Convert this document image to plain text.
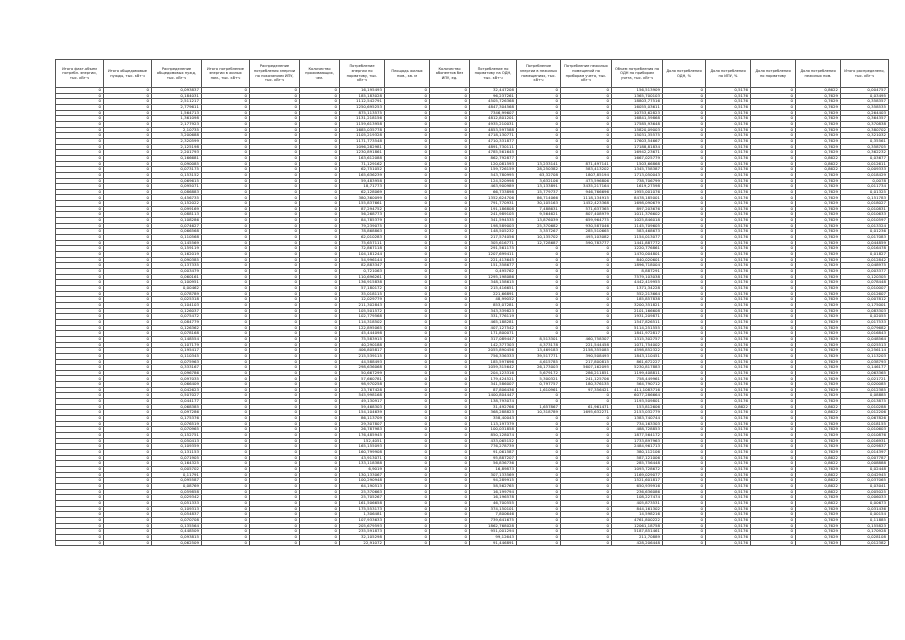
Итого факт.объем потребл. энергии, тыс. кВт·ч	Итого общедомовые нужды, тыс. кВт·ч	Распределение общедомовых нужд, тыс. кВт·ч	Итого потребление энергии в жилых пом., тыс. кВт·ч	Распределение потребления энергии по показаниям ИПУ, тыс. кВт·ч	Количество проживающих, чел.	Потребление энергии по нормативу, тыс. кВт·ч	Площадь жилых пом., кв. м	Количество абонентов без ИПУ, ед.	Потребление по нормативу на ОДН, тыс. кВт·ч	Потребление энергии в нежилых помещениях, тыс. кВт·ч	Потребление нежилых помещений по приборам учета, тыс. кВт·ч	Объем потребления на ОДН по приборам учета, тыс. кВт·ч	Доля потребления ОДН, %	Доля потребления по ИПУ, %	Доля потребления по нормативу	Доля потребления нежилых пом.	Итого распределено, тыс. кВт·ч
0	0	0,093837	0	0	0	16,195493	0	0	32,447208	0	0	156,513909	0	0,5176	0	0,8622	0,004757
0	0	0,184031	0	0	0	185,183028	0	0	96,237261	0	0	1365,700103	0	0,5176	0	0,7629	0,03495
0	0	2,511217	0	0	0	1112,542791	0	0	4505,726368	0	0	18803,77516	0	0,5176	0	0,7629	0,358357
0	0	2,779611	0	0	0	1250,695253	0	0	4847,304568	0	0	16055,03611	0	0,5176	0	0,7629	0,358535
0	0	1,564713	0	0	0	875,113575	0	0	7346,99607	0	0	10753,62823	0	0,5176	0	0,7629	0,264403
0	0	1,361098	0	0	0	1131,218156	0	0	4812,801201	0	0	16841,59868	0	0,5176	0	0,7629	0,364357
0	0	2,177923	0	0	0	1159,613958	0	0	4935,210031	0	0	17585,93648	0	0,5176	0	0,7629	0,370838
0	0	2,10735	0	0	0	1685,035778	0	0	4853,597588	0	0	15820,09003	0	0,5176	0	0,7629	0,380702
0	0	3,200688	0	0	0	1105,219328	0	0	4718,130771	0	0	15031,35575	0	0,5176	0	0,7629	0,321032
0	0	2,320599	0	0	0	1171,773548	0	0	4710,331877	0	0	17603,54667	0	0,5176	0	0,7629	0,35561
0	0	2,125198	0	0	0	1096,282981	0	0	4891,730111	0	0	17188,81834	0	0,5176	0	0,7629	0,358705
0	0	2,201793	0	0	0	1230,891861	0	0	4785,561645	0	0	16942,23671	0	0,5176	0	0,7629	0,362232
0	0	0,166681	0	0	0	163,612088	0	0	862,792877	0	0	1667,025779	0	0,5176	0	0,8622	0,03677
0	0	0,090085	0	0	0	71,129162	0	0	120,081593	13,233141	871,497141	1503,66868	0	0,5176	0	0,8622	0,012611
0	0	0,073175	0	0	0	62,751052	0	0	159,726159	28,250382	583,413202	1345,758387	0	0,5176	0	0,8622	0,009333
0	0	0,153152	0	0	0	165,636239	0	0	543,780995	63,32708	1807,85194	1713,050043	0	0,5176	0	0,7629	0,018429
0	0	0,069615	0	0	0	59,483958	0	0	124,520998	3,632106	473,596806	738,706799	0	0,5176	0	0,7629	0,0078
0	0	0,095071	0	0	0	18,71773	0	0	463,900989	13,133891	3435,217164	1619,27598	0	0,5176	0	0,7629	0,011734
0	0	0,086883	0	0	0	62,128069	0	0	66,733898	15,779737	946,766696	1955,001076	0	0,5176	0	0,7629	0,01325
0	0	0,456735	0	0	0	380,360099	0	0	1352,624706	86,714066	1118,134915	8478,185001	0	0,5176	0	0,7629	0,151783
0	0	0,152022	0	0	0	155,837661	0	0	791,770931	30,105163	1452,423368	1698,090679	0	0,5176	0	0,7629	0,018027
0	0	0,099169	0	0	0	87,294752	0	0	191,186808	7,488631	571,637365	897,203676	0	0,5176	0	0,7629	0,010831
0	0	0,088113	0	0	0	56,268773	0	0	241,989105	9,564621	807,408979	1011,376602	0	0,5176	0	0,7629	0,010633
0	0	0,108286	0	0	0	84,785379	0	0	341,594535	13,876039	659,964775	1025,846018	0	0,5176	0	0,7629	0,010597
0	0	0,074627	0	0	0	79,239075	0	0	198,589003	25,370682	930,587046	1145,709605	0	0,5176	0	0,7629	0,013324
0	0	0,066568	0	0	0	78,868863	0	0	148,505232	3,357267	285,510665	583,468673	0	0,5176	0	0,7629	0,01236
0	0	0,110568	0	0	0	62,010283	0	0	217,574056	10,135702	493,103082	1154,013077	0	0,5176	0	0,7629	0,017083
0	0	0,145569	0	0	0	75,657111	0	0	305,616771	12,728687	590,783777	1441,887772	0	0,5176	0	0,7629	0,044859
0	0	0,159119	0	0	0	72,867118	0	0	291,561175	0	0	1220,776861	0	0,5176	0	0,7629	0,016478
0	0	0,162019	0	0	0	104,181244	0	0	1207,699411	0	0	1470,004801	0	0,5176	0	0,7629	0,01827
0	0	0,090385	0	0	0	54,996144	0	0	221,413645	0	0	840,020601	0	0,5176	0	0,7629	0,012842
0	0	0,137335	0	0	0	82,883347	0	0	151,358677	0	0	1896,718004	0	0,5176	0	0,7629	0,048975
0	0	0,003479	0	0	0	0,721063	0	0	0,495762	0	0	8,887291	0	0,5176	0	0,7629	0,003377
0	0	0,060161	0	0	0	110,696261	0	0	1295,198086	0	0	7579,103038	0	0,5176	0	0,7629	0,120305
0	0	0,100951	0	0	0	136,915838	0	0	348,158615	0	0	4442,419955	0	0,5176	0	0,7629	0,078448
0	0	0,00462	0	0	0	57,180172	0	0	215,416651	0	0	1371,34228	0	0,5176	0	0,7629	0,010007
0	0	0,078789	0	0	0	35,018115	0	0	221,66891	0	0	552,213664	0	0,5176	0	0,7629	0,012607
0	0	0,025318	0	0	0	12,029779	0	0	48,99052	0	0	185,857838	0	0,5176	0	0,7629	0,007812
0	0	0,104103	0	0	0	211,302843	0	0	853,07281	0	0	3200,351821	0	0,5176	0	0,7629	0,175001
0	0	0,126037	0	0	0	105,501572	0	0	343,339823	0	0	2101,166608	0	0,5176	0	0,7629	0,083303
0	0	0,075472	0	0	0	102,779568	0	0	331,776119	0	0	1931,209871	0	0,5176	0	0,7629	0,02055
0	0	0,084779	0	0	0	114,318502	0	0	465,188281	0	0	1547,826511	0	0,5176	0	0,7629	0,017533
0	0	0,126362	0	0	0	122,895065	0	0	407,127542	0	0	5114,251555	0	0,5176	0	0,7629	0,079682
0	0	0,078168	0	0	0	45,444098	0	0	171,800071	0	0	1841,972817	0	0,5176	0	0,7629	0,016843
0	0	0,148554	0	0	0	75,583915	0	0	317,089447	8,513301	460,758307	1315,302757	0	0,5176	0	0,7629	0,048564
0	0	0,107179	0	0	0	40,290188	0	0	142,377303	4,373178	221,544458	1071,754002	0	0,5176	0	0,7629	0,025513
0	0	0,195417	0	0	0	406,805817	0	0	2055,890456	13,469183	2158,355085	4598,852322	0	0,5176	0	0,7629	0,256114
0	0	0,110345	0	0	0	215,539115	0	0	756,336333	39,517771	390,508493	1843,110451	0	0,5176	0	0,7629	0,113203
0	0	0,075963	0	0	0	44,588493	0	0	185,597696	4,615785	217,800815	861,672227	0	0,5176	0	0,7629	0,038793
0	0	0,333167	0	0	0	298,636068	0	0	1059,315642	26,173003	5607,162095	5230,817883	0	0,5176	0	0,7629	0,146177
0	0	0,096786	0	0	0	50,667299	0	0	204,123316	5,679172	286,211851	1199,408811	0	0,5176	0	0,7629	0,063365
0	0	0,097035	0	0	0	57,660781	0	0	179,424521	5,300321	241,125706	758,449961	0	0,5176	0	0,7629	0,021721
0	0	0,066409	0	0	0	98,970258	0	0	341,586007	0,797757	180,376135	564,790712	0	0,5176	0	0,7629	0,020085
0	0	0,042623	0	0	0	23,767428	0	0	87,806436	1,610961	97,356421	411,1083716	0	0,5176	0	0,7629	0,012385
0	0	0,507027	0	0	0	545,998168	0	0	1400,804447	0	0	6077,286664	0	0,5176	0	0,7629	0,08885
0	0	0,044177	0	0	0	49,130917	0	0	138,793074	0	0	1193,509801	0	0,5176	0	0,7629	0,013875
0	0	0,068385	0	0	0	59,468303	0	0	31,492766	1,657867	61,961471	153,812606	0	0,8622	0	0,8622	0,010288
0	0	0,097286	0	0	0	154,104639	0	0	368,288823	10,318789	1695,632271	2153,032779	0	0,5176	0	0,8622	0,012206
0	0	0,175376	0	0	0	86,113709	0	0	358,40043	0	0	1383,740744	0	0,5176	0	0,7629	0,067826
0	0	0,076519	0	0	0	29,307807	0	0	113,197379	0	0	734,163303	0	0,5176	0	0,7629	0,018155
0	0	0,070965	0	0	0	26,787983	0	0	100,031858	0	0	488,728853	0	0,5176	0	0,7629	0,010603
0	0	0,152751	0	0	0	176,485945	0	0	850,128074	0	0	1877,564172	0	0,5176	0	0,7629	0,010876
0	0	0,050413	0	0	0	152,4051	0	0	433,065152	0	0	1733,897963	0	0,5176	0	0,7629	0,016931
0	0	0,109359	0	0	0	165,155093	0	0	776,278739	0	0	2484,961713	0	0,5176	0	0,7629	0,029837
0	0	0,131153	0	0	0	160,799908	0	0	91,061587	0	0	380,112106	0	0,5176	0	0,7629	0,014397
0	0	0,071905	0	0	0	43,913071	0	0	95,887207	0	0	587,121006	0	0,5176	0	0,8622	0,007787
0	0	0,164325	0	0	0	133,118388	0	0	56,836736	0	0	285,756448	0	0,5176	0	0,8622	0,008888
0	0	0,005702	0	0	0	6,9019	0	0	16,89873	0	0	1093,728672	0	0,5176	0	0,7629	0,02448
0	0	0,11791	0	0	0	130,133067	0	0	307,133569	0	0	1169,029077	0	0,5176	0	0,8622	0,042945
0	0	0,095587	0	0	0	100,290948	0	0	94,289915	0	0	1521,601817	0	0,5176	0	0,8622	0,037065
0	0	0,08769	0	0	0	64,190513	0	0	58,562765	0	0	650,939916	0	0,5176	0	0,8622	0,03041
0	0	0,059858	0	0	0	25,370663	0	0	16,199794	0	0	236,636086	0	0,5176	0	0,8622	0,005025
0	0	0,029342	0	0	0	25,705267	0	0	16,196578	0	0	108,227474	0	0,5176	0	0,7629	0,006033
0	0	0,051333	0	0	0	161,506658	0	0	46,700555	0	0	405,873531	0	0,5176	0	0,8622	0,00673
0	0	0,109313	0	0	0	175,553173	0	0	374,150101	0	0	844,161302	0	0,5176	0	0,7629	0,031436
0	0	0,054837	0	0	0	1,306481	0	0	7,800646	0	0	14,598216	0	0,5176	0	0,7629	0,00154
0	0	0,070708	0	0	0	107,933633	0	0	739,641675	0	0	4761,800222	0	0,5176	0	0,7629	0,11885
0	0	0,135564	0	0	0	205,679593	0	0	1862,768028	0	0	12061,18758	0	0,5176	0	0,7629	0,155823
0	0	0,448509	0	0	0	235,591873	0	0	951,001294	0	0	5187,851461	0	0,5176	0	0,7629	0,170928
0	0	0,093815	0	0	0	32,105298	0	0	99,12643	0	0	211,70889	0	0,5176	0	0,7629	0,028108
0	0	0,062509	0	0	0	22,91072	0	0	91,446891	0	0	428,206448	0	0,5176	0	0,7629	0,012382
